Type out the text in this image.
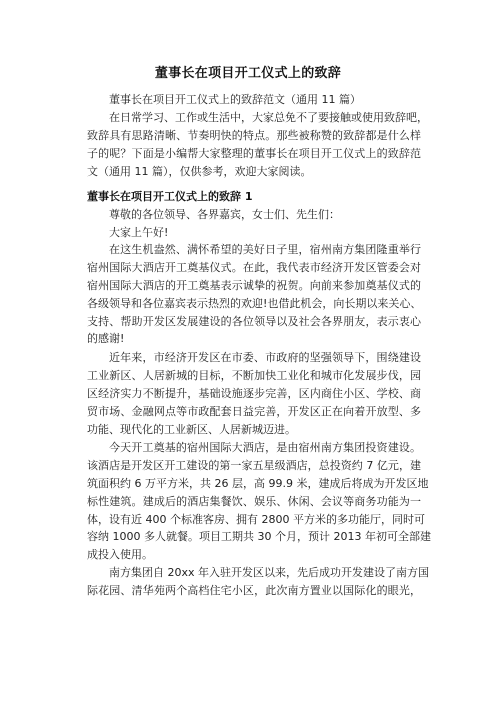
董事长在项目开工仪式上的致辞
董事长在项目开工仪式上的致辞范文（通用 11 篇）
在日常学习、工作或生活中，大家总免不了要接触或使用致辞吧，
致辞具有思路清晰、节奏明快的特点。那些被称赞的致辞都是什么样
子的呢？下面是小编帮大家整理的董事长在项目开工仪式上的致辞范
文（通用 11 篇），仅供参考，欢迎大家阅读。
董事长在项目开工仪式上的致辞 1
尊敬的各位领导、各界嘉宾，女士们、先生们：
大家上午好!
在这生机盎然、满怀希望的美好日子里，宿州南方集团隆重举行
宿州国际大酒店开工奠基仪式。在此，我代表市经济开发区管委会对
宿州国际大酒店的开工奠基表示诚挚的祝贺。向前来参加奠基仪式的
各级领导和各位嘉宾表示热烈的欢迎!也借此机会，向长期以来关心、
支持、帮助开发区发展建设的各位领导以及社会各界朋友，表示衷心
的感谢!
近年来，市经济开发区在市委、市政府的坚强领导下，围绕建设
工业新区、人居新城的目标，不断加快工业化和城市化发展步伐，园
区经济实力不断提升，基础设施逐步完善，区内商住小区、学校、商
贸市场、金融网点等市政配套日益完善，开发区正在向着开放型、多
功能、现代化的工业新区、人居新城迈进。
今天开工奠基的宿州国际大酒店，是由宿州南方集团投资建设。
该酒店是开发区开工建设的第一家五星级酒店，总投资约 7 亿元，建
筑面积约 6 万平方米，共 26 层，高 99.9 米，建成后将成为开发区地
标性建筑。建成后的酒店集餐饮、娱乐、休闲、会议等商务功能为一
体，设有近 400 个标准客房、拥有 2800 平方米的多功能厅，同时可
容纳 1000 多人就餐。项目工期共 30 个月，预计 2013 年初可全部建
成投入使用。
南方集团自 20xx 年入驻开发区以来，先后成功开发建设了南方国
际花园、清华苑两个高档住宅小区，此次南方置业以国际化的眼光，
